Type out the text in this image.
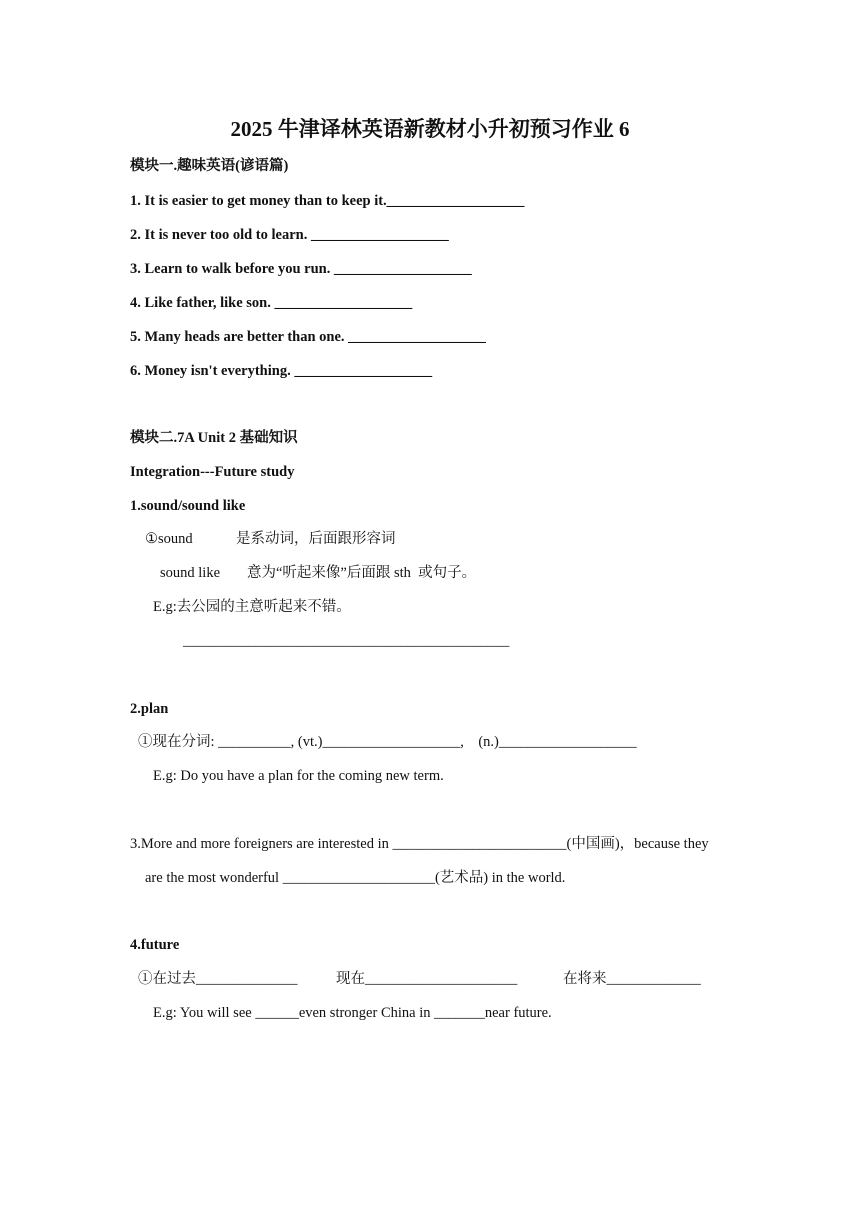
2025 牛津译林英语新教材小升初预习作业 6
模块一.趣味英语(谚语篇)
1. It is easier to get money than to keep it.___________________
2. It is never too old to learn. ___________________
3. Learn to walk before you run. ___________________
4. Like father, like son. ___________________
5. Many heads are better than one. ___________________
6. Money isn't everything. ___________________
模块二.7A Unit 2 基础知识
Integration---Future study
1.sound/sound like
①sound	是系动词，后面跟形容词
sound like 意为“听起来像”后面跟 sth  或句子。
E.g:去公园的主意听起来不错。
_____________________________________________
2.plan
①现在分词: __________, (vt.)___________________,    (n.)___________________
E.g: Do you have a plan for the coming new term.
3.More and more foreigners are interested in ________________________(中国画)，because they
are the most wonderful _____________________(艺术品) in the world.
4.future
①在过去______________	现在_____________________	在将来_____________
E.g: You will see ______even stronger China in _______near future.
